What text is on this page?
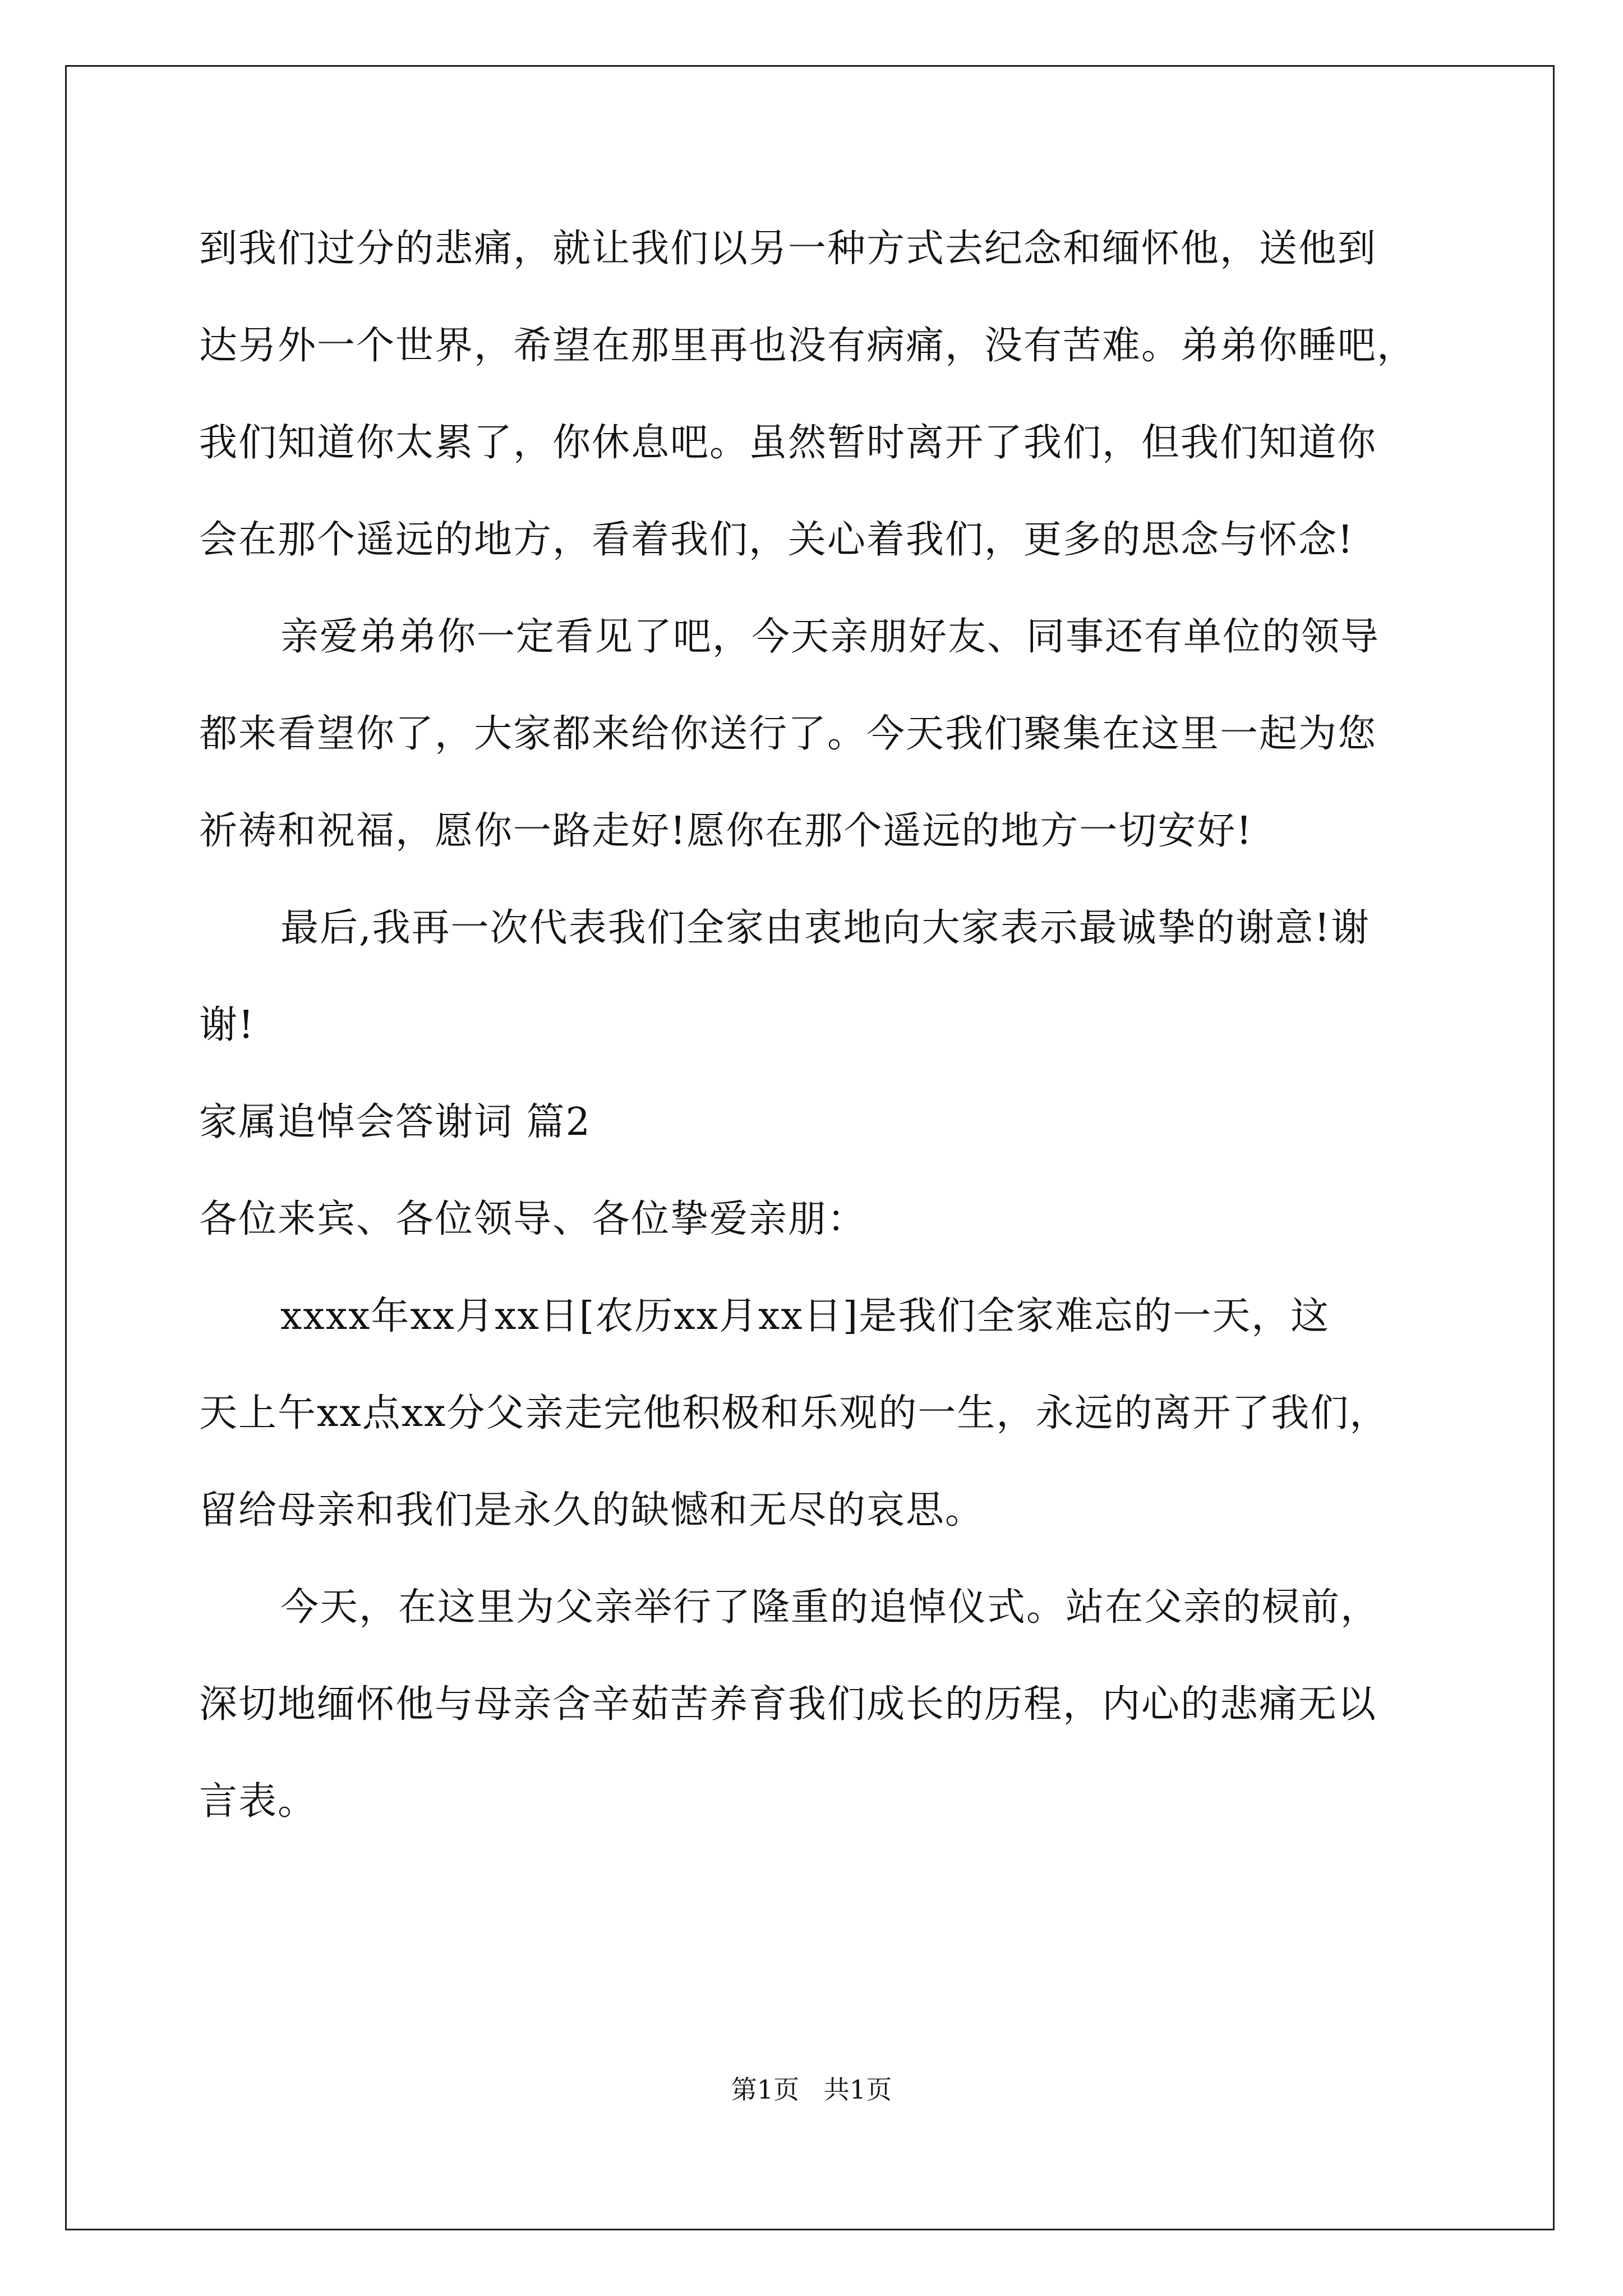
到我们过分的悲痛，就让我们以另一种方式去纪念和缅怀他，送他到
达另外一个世界，希望在那里再也没有病痛，没有苦难。弟弟你睡吧，
我们知道你太累了，你休息吧。虽然暂时离开了我们，但我们知道你
会在那个遥远的地方，看着我们，关心着我们，更多的思念与怀念!
亲爱弟弟你一定看见了吧，今天亲朋好友、同事还有单位的领导
都来看望你了，大家都来给你送行了。今天我们聚集在这里一起为您
祈祷和祝福，愿你一路走好!愿你在那个遥远的地方一切安好!
最后,我再一次代表我们全家由衷地向大家表示最诚挚的谢意!谢
谢!
家属追悼会答谢词 篇2
各位来宾、各位领导、各位挚爱亲朋：
xxxx年xx月xx日[农历xx月xx日]是我们全家难忘的一天，这
天上午xx点xx分父亲走完他积极和乐观的一生，永远的离开了我们，
留给母亲和我们是永久的缺憾和无尽的哀思。
今天，在这里为父亲举行了隆重的追悼仪式。站在父亲的棂前，
深切地缅怀他与母亲含辛茹苦养育我们成长的历程，内心的悲痛无以
言表。
第1页   共1页
